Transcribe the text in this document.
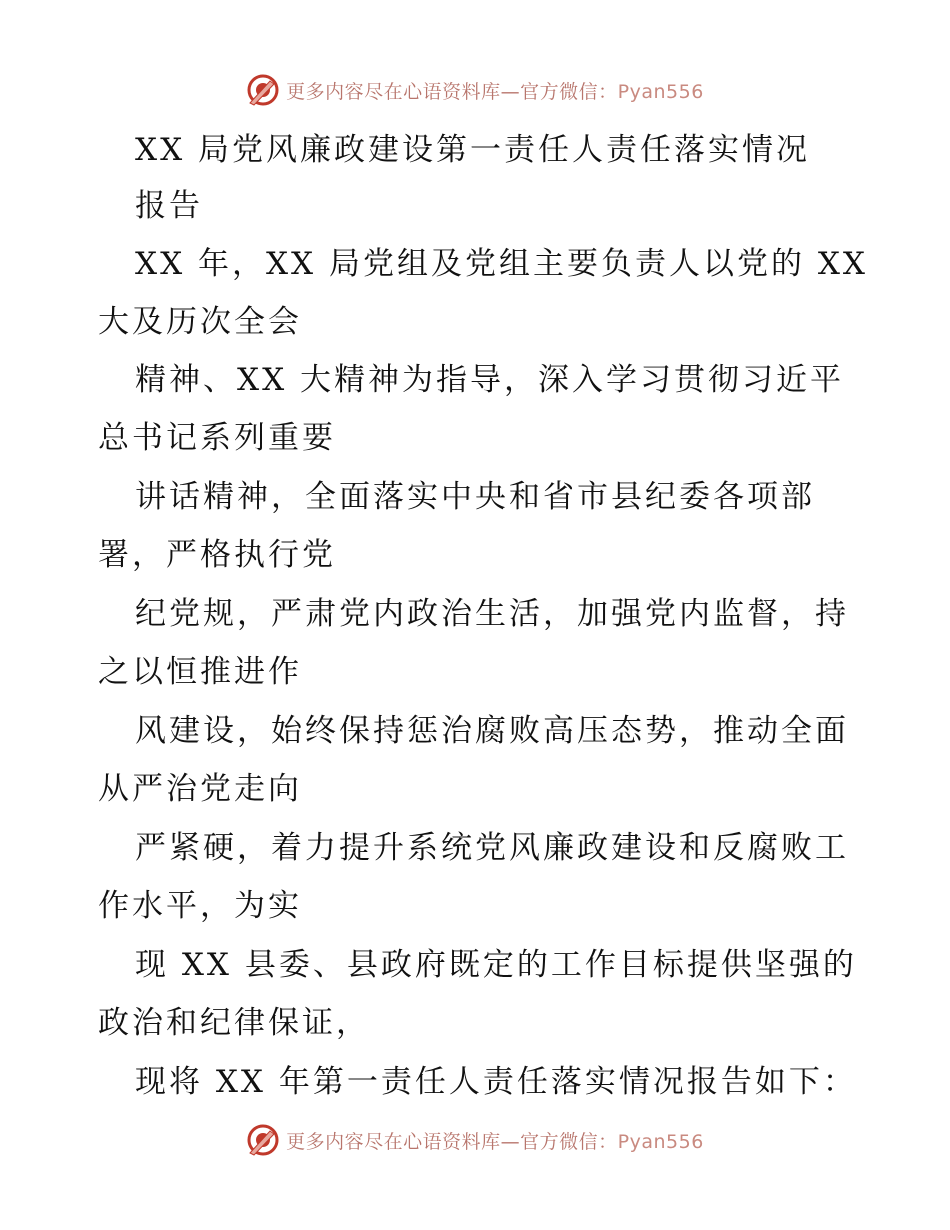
更多内容尽在心语资料库—官方微信：Pyan556
XX 局党风廉政建设第一责任人责任落实情况
报告
XX 年，XX 局党组及党组主要负责人以党的 XX
大及历次全会
精神、XX 大精神为指导，深入学习贯彻习近平
总书记系列重要
讲话精神，全面落实中央和省市县纪委各项部
署，严格执行党
纪党规，严肃党内政治生活，加强党内监督，持
之以恒推进作
风建设，始终保持惩治腐败高压态势，推动全面
从严治党走向
严紧硬，着力提升系统党风廉政建设和反腐败工
作水平，为实
现 XX 县委、县政府既定的工作目标提供坚强的
政治和纪律保证，
现将 XX 年第一责任人责任落实情况报告如下：
更多内容尽在心语资料库—官方微信：Pyan556
